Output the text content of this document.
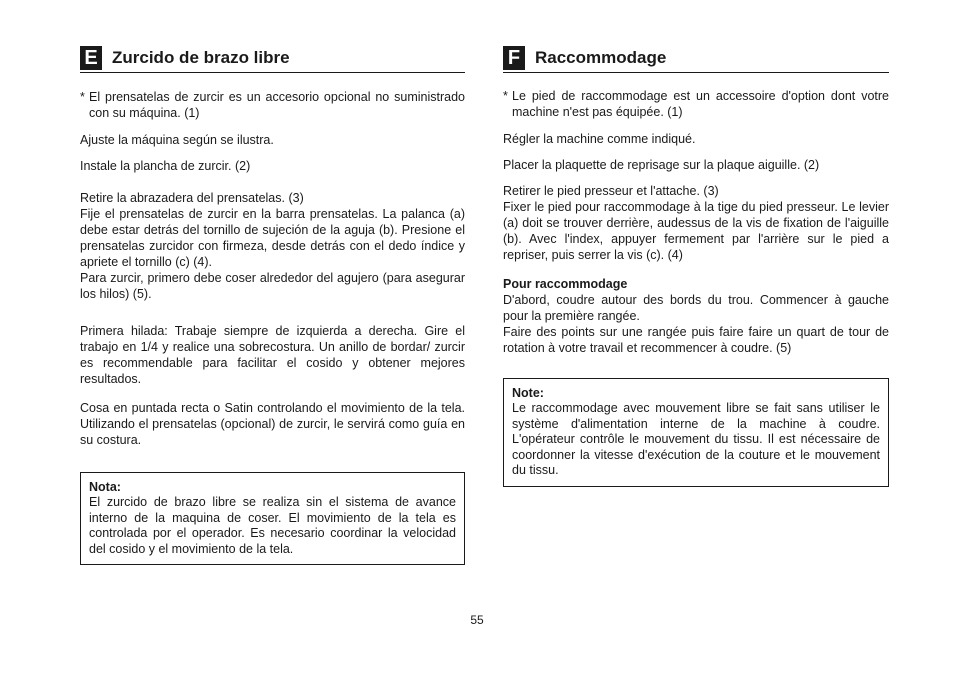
E Zurcido de brazo libre

* El prensatelas de zurcir es un accesorio opcional no suministrado con su máquina. (1)

Ajuste la máquina según se ilustra.

Instale la plancha de zurcir. (2)

Retire la abrazadera del prensatelas. (3)

Fije el prensatelas de zurcir en la barra prensatelas. La palanca (a) debe estar detrás del tornillo de sujeción de la aguja (b). Presione el prensatelas zurcidor con firmeza, desde detrás con el dedo índice y apriete el tornillo (c) (4).

Para zurcir, primero debe coser alrededor del agujero (para asegurar los hilos) (5).

Primera hilada: Trabaje siempre de izquierda a derecha. Gire el trabajo en 1/4 y realice una sobrecostura. Un anillo de bordar/ zurcir es recommendable para facilitar el cosido y obtener mejores resultados.

Cosa en puntada recta o Satin controlando el movimiento de la tela. Utilizando el prensatelas (opcional) de zurcir, le servirá como guía en su costura.

Nota:

El zurcido de brazo libre se realiza sin el sistema de avance interno de la maquina de coser. El movimiento de la tela es controlada por el operador. Es necesario coordinar la velocidad del cosido y el movimiento de la tela.

F Raccommodage

* Le pied de raccommodage est un accessoire d'option dont votre machine n'est pas équipée. (1)

Régler la machine comme indiqué.

Placer la plaquette de reprisage sur la plaque aiguille. (2)

Retirer le pied presseur et l'attache. (3)

Fixer le pied pour raccommodage à la tige du pied presseur. Le levier (a) doit se trouver derrière, audessus de la vis de fixation de l'aiguille (b). Avec l'index, appuyer fermement par l'arrière sur le pied a repriser, puis serrer la vis (c). (4)

Pour raccommodage

D'abord, coudre autour des bords du trou. Commencer à gauche pour la première rangée.

Faire des points sur une rangée puis faire faire un quart de tour de rotation à votre travail et recommencer à coudre. (5)

Note:

Le raccommodage avec mouvement libre se fait sans utiliser le système d'alimentation interne de la machine à coudre. L'opérateur contrôle le mouvement du tissu. Il est nécessaire de coordonner la vitesse d'exécution de la couture et le mouvement du tissu.

55
